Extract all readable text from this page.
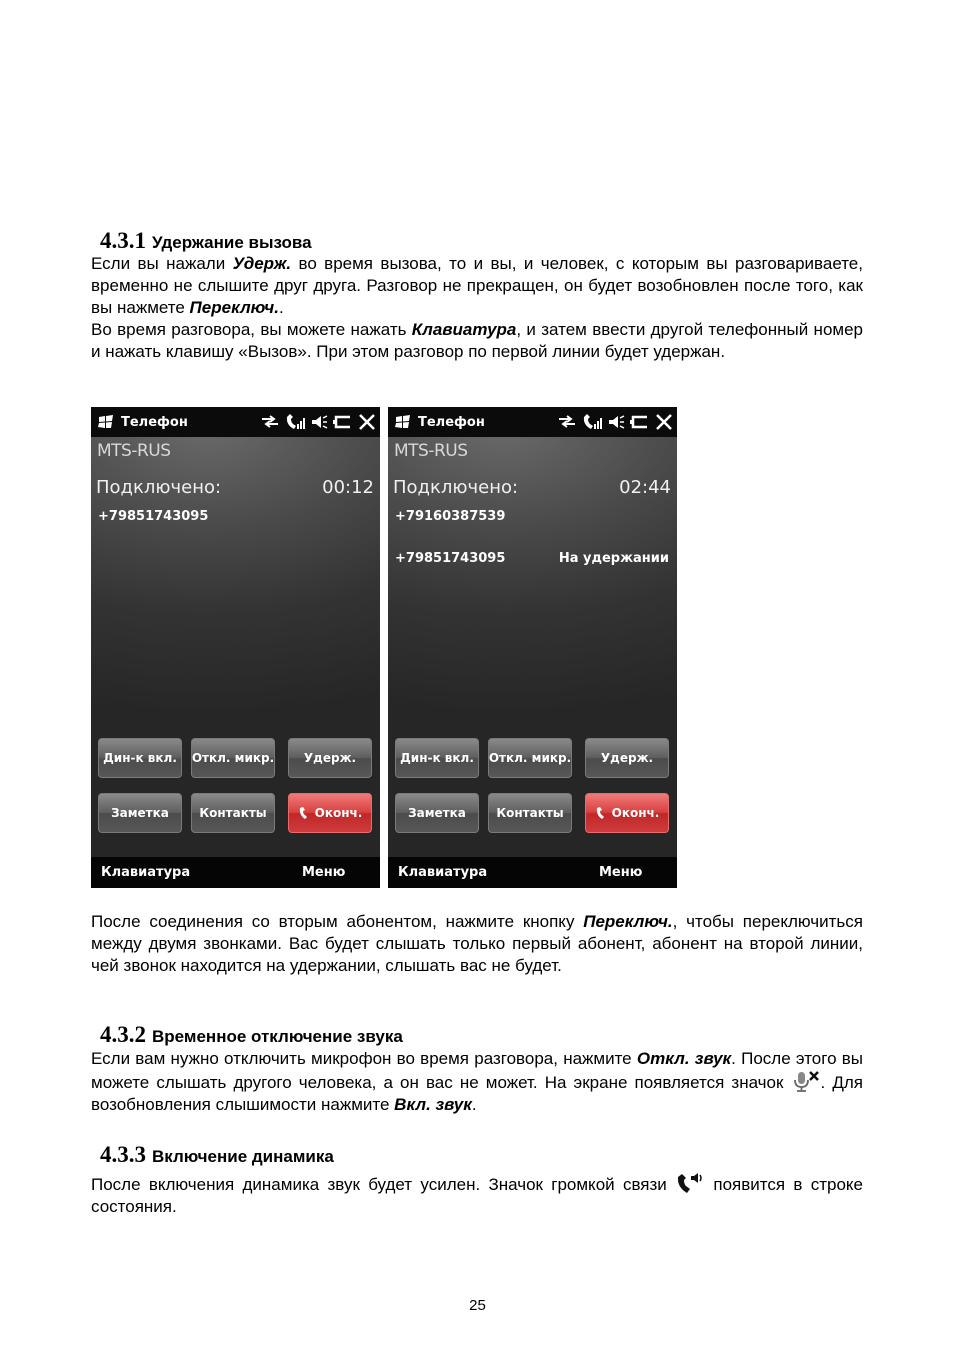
4.3.1 Удержание вызова
Если вы нажали Удерж. во время вызова, то и вы, и человек, с которым вы разговариваете, временно не слышите друг друга. Разговор не прекращен, он будет возобновлен после того, как вы нажмете Переключ..
Во время разговора, вы можете нажать Клавиатура, и затем ввести другой телефонный номер и нажать клавишу «Вызов». При этом разговор по первой линии будет удержан.
Телефон
MTS-RUS
Подключено:	00:12
+79851743095
Дин-к вкл.	Откл. микр.	Удерж.
Заметка	Контакты	Оконч.
Клавиатура	Меню
Телефон
MTS-RUS
Подключено:	02:44
+79160387539
+79851743095	На удержании
Дин-к вкл.	Откл. микр.	Удерж.
Заметка	Контакты	Оконч.
Клавиатура	Меню
После соединения со вторым абонентом, нажмите кнопку Переключ., чтобы переключиться между двумя звонками. Вас будет слышать только первый абонент, абонент на второй линии, чей звонок находится на удержании, слышать вас не будет.
4.3.2 Временное отключение звука
Если вам нужно отключить микрофон во время разговора, нажмите Откл. звук. После этого вы можете слышать другого человека, а он вас не может. На экране появляется значок . Для возобновления слышимости нажмите Вкл. звук.
4.3.3 Включение динамика
После включения динамика звук будет усилен. Значок громкой связи  появится в строке состояния.
25
